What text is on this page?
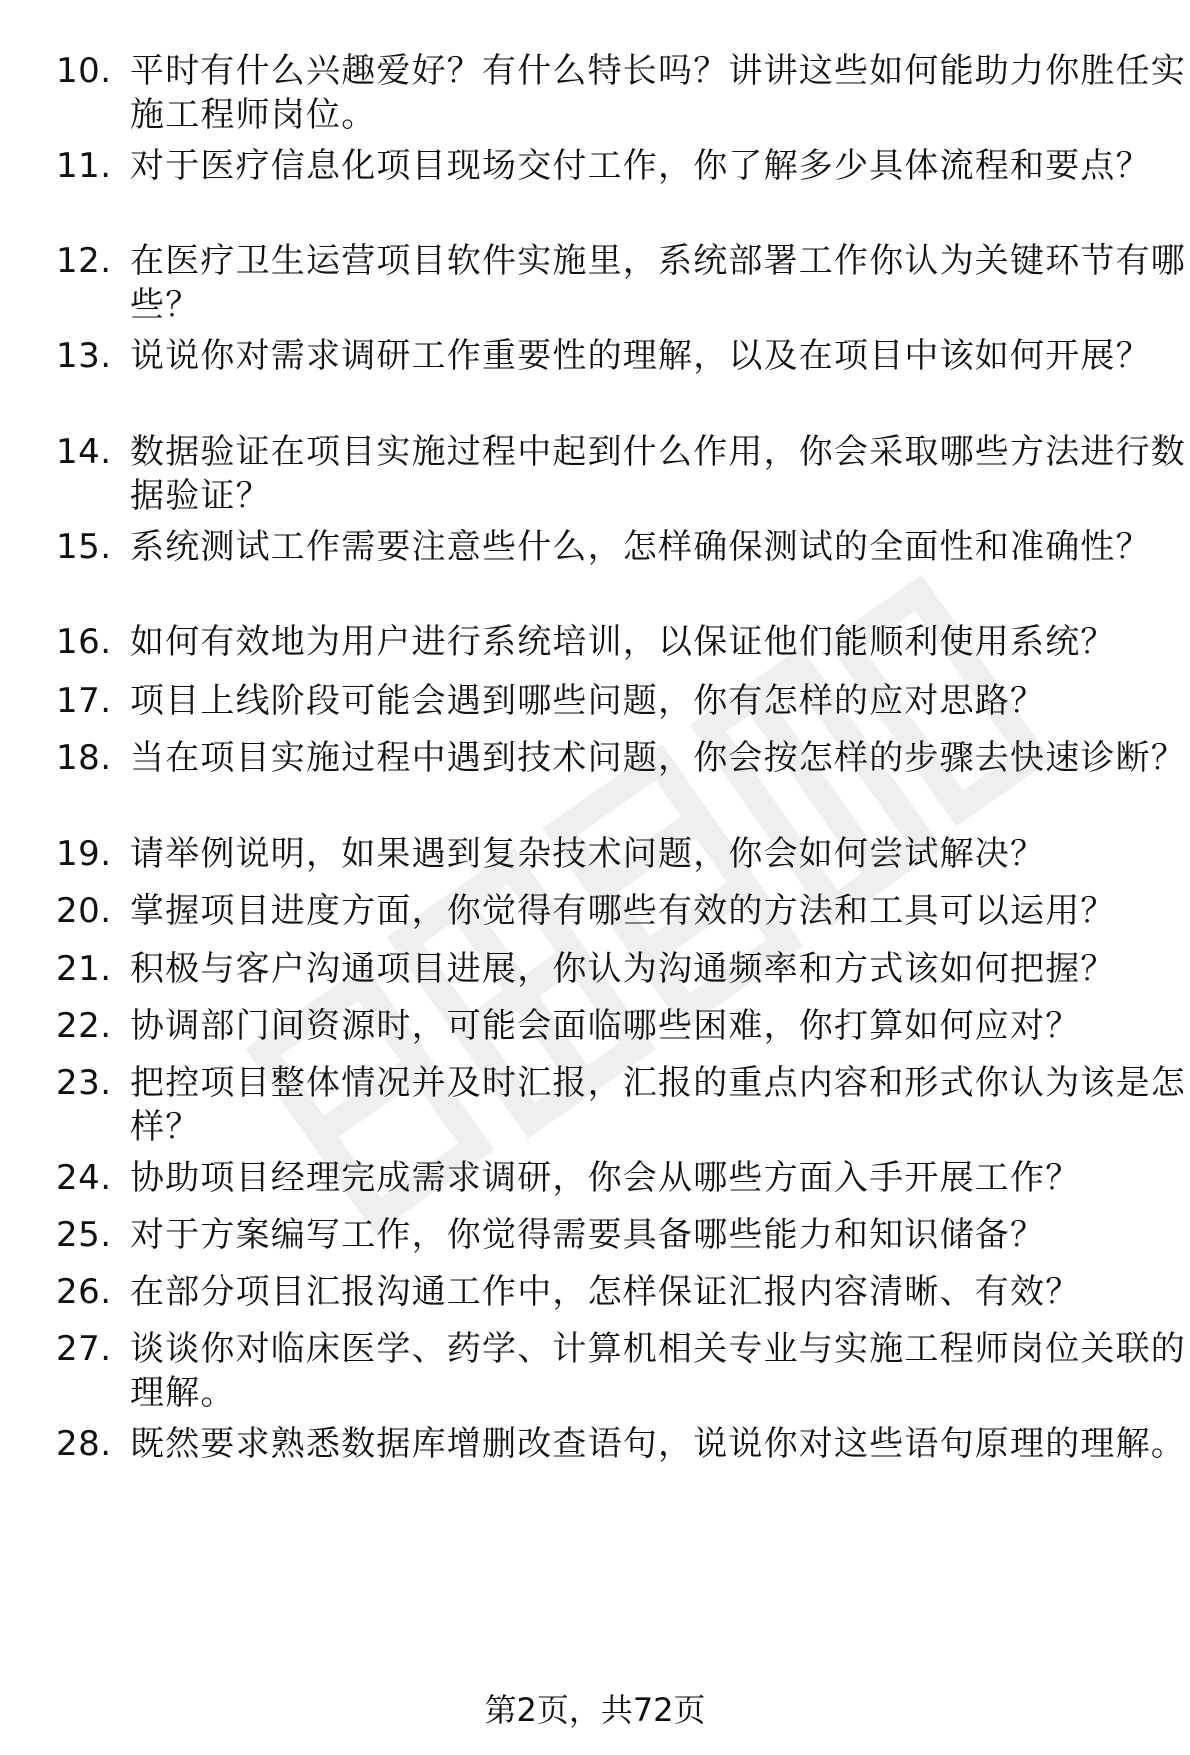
10. 平时有什么兴趣爱好？有什么特长吗？讲讲这些如何能助力你胜任实施工程师岗位。
11. 对于医疗信息化项目现场交付工作，你了解多少具体流程和要点？
12. 在医疗卫生运营项目软件实施里，系统部署工作你认为关键环节有哪些？
13. 说说你对需求调研工作重要性的理解，以及在项目中该如何开展？
14. 数据验证在项目实施过程中起到什么作用，你会采取哪些方法进行数据验证？
15. 系统测试工作需要注意些什么，怎样确保测试的全面性和准确性？
16. 如何有效地为用户进行系统培训，以保证他们能顺利使用系统？
17. 项目上线阶段可能会遇到哪些问题，你有怎样的应对思路？
18. 当在项目实施过程中遇到技术问题，你会按怎样的步骤去快速诊断？
19. 请举例说明，如果遇到复杂技术问题，你会如何尝试解决？
20. 掌握项目进度方面，你觉得有哪些有效的方法和工具可以运用？
21. 积极与客户沟通项目进展，你认为沟通频率和方式该如何把握？
22. 协调部门间资源时，可能会面临哪些困难，你打算如何应对？
23. 把控项目整体情况并及时汇报，汇报的重点内容和形式你认为该是怎样？
24. 协助项目经理完成需求调研，你会从哪些方面入手开展工作？
25. 对于方案编写工作，你觉得需要具备哪些能力和知识储备？
26. 在部分项目汇报沟通工作中，怎样保证汇报内容清晰、有效？
27. 谈谈你对临床医学、药学、计算机相关专业与实施工程师岗位关联的理解。
28. 既然要求熟悉数据库增删改查语句，说说你对这些语句原理的理解。
第2页，共72页
